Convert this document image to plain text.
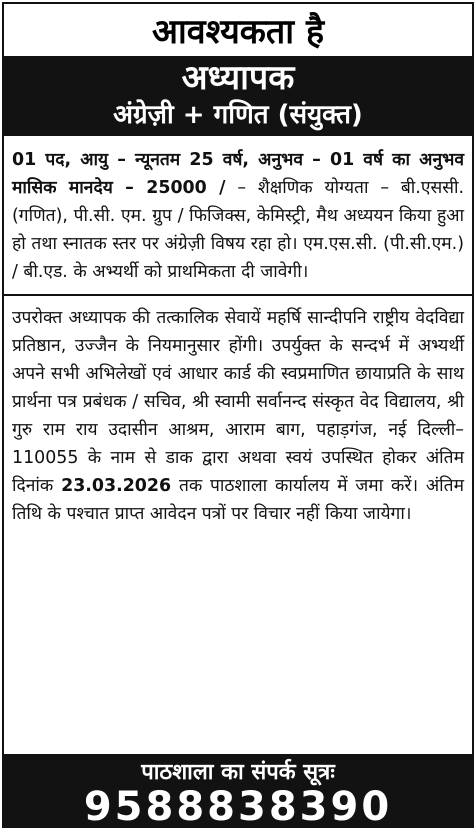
आवश्यकता है
अध्यापक
अंग्रेज़ी + गणित (संयुक्त)

01 पद, आयु – न्यूनतम 25 वर्ष, अनुभव – 01 वर्ष का अनुभव मासिक मानदेय – 25000 / – शैक्षणिक योग्यता – बी.एससी. (गणित), पी.सी. एम. ग्रुप / फिजिक्स, केमिस्ट्री, मैथ अध्ययन किया हुआ हो तथा स्नातक स्तर पर अंग्रेज़ी विषय रहा हो। एम.एस.सी. (पी.सी.एम.) / बी.एड. के अभ्यर्थी को प्राथमिकता दी जावेगी।

उपरोक्त अध्यापक की तत्कालिक सेवायें महर्षि सान्दीपनि राष्ट्रीय वेदविद्या प्रतिष्ठान, उज्जैन के नियमानुसार होंगी। उपर्युक्त के सन्दर्भ में अभ्यर्थी अपने सभी अभिलेखों एवं आधार कार्ड की स्वप्रमाणित छायाप्रति के साथ प्रार्थना पत्र प्रबंधक / सचिव, श्री स्वामी सर्वानन्द संस्कृत वेद विद्यालय, श्री गुरु राम राय उदासीन आश्रम, आराम बाग, पहाड़गंज, नई दिल्ली– 110055 के नाम से डाक द्वारा अथवा स्वयं उपस्थित होकर अंतिम दिनांक 23.03.2026 तक पाठशाला कार्यालय में जमा करें। अंतिम तिथि के पश्चात प्राप्त आवेदन पत्रों पर विचार नहीं किया जायेगा।

पाठशाला का संपर्क सूत्रः
9588838390
